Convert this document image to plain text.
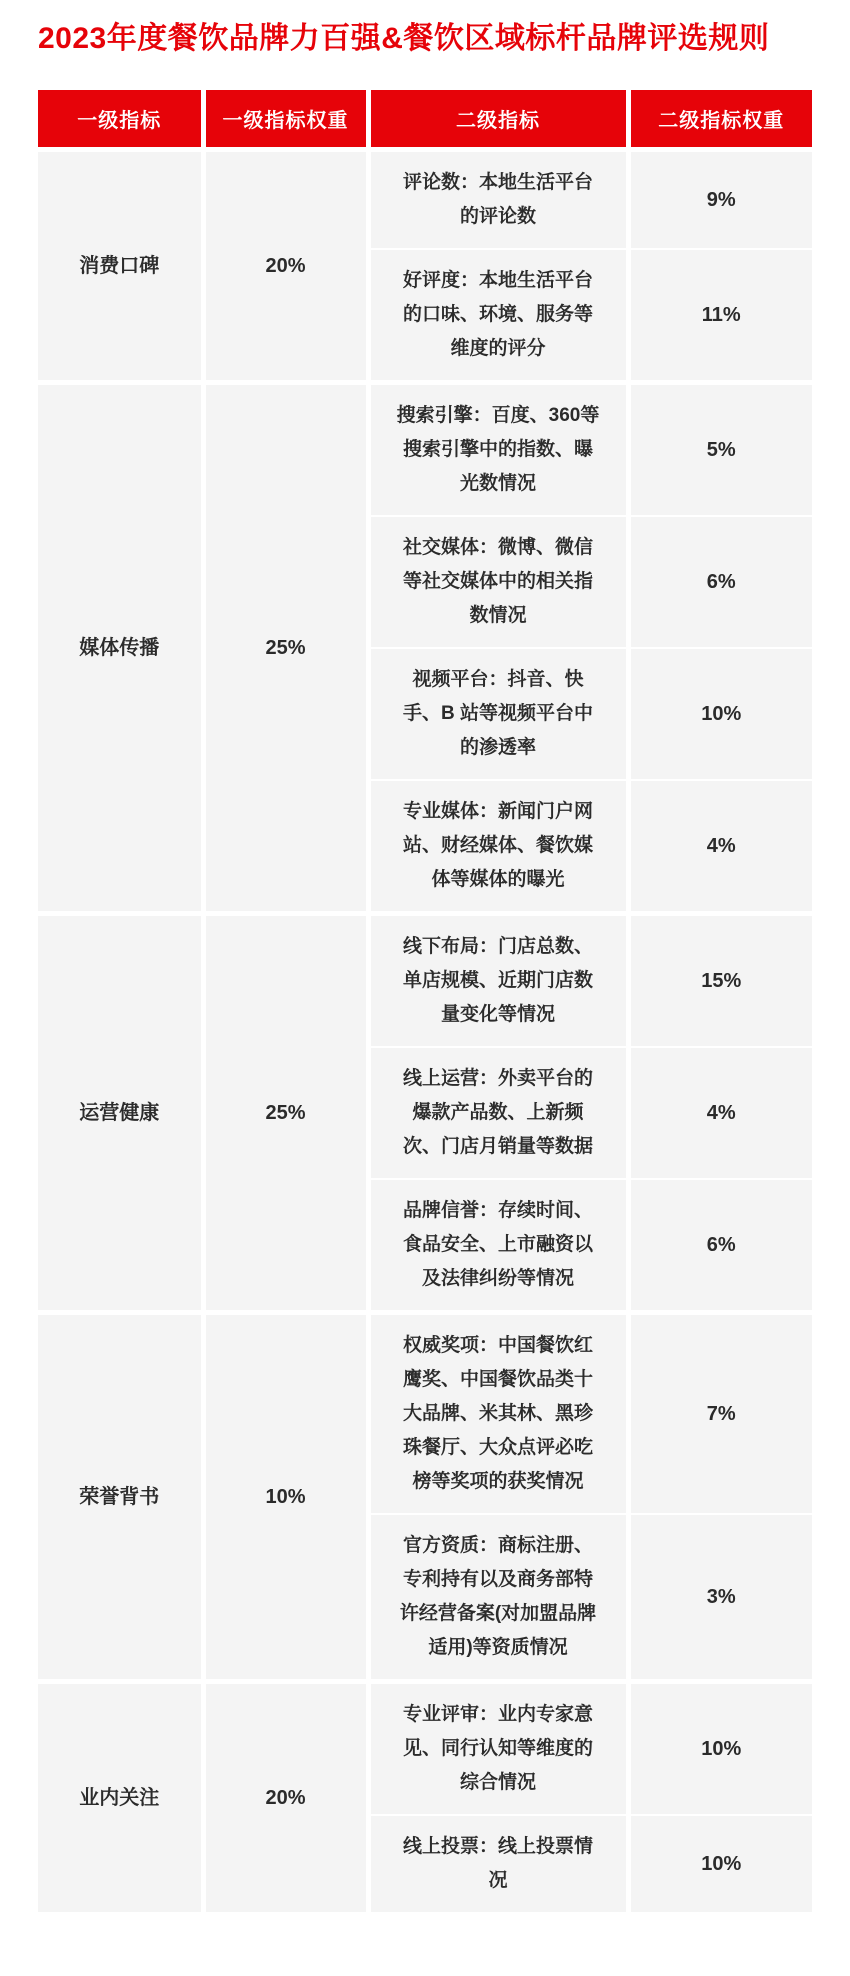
2023年度餐饮品牌力百强&餐饮区域标杆品牌评选规则
一级指标	一级指标权重	二级指标	二级指标权重
消费口碑	20%	评论数：本地生活平台的评论数	9%
		好评度：本地生活平台的口味、环境、服务等维度的评分	11%
媒体传播	25%	搜索引擎：百度、360等搜索引擎中的指数、曝光数情况	5%
		社交媒体：微博、微信等社交媒体中的相关指数情况	6%
		视频平台：抖音、快手、B 站等视频平台中的渗透率	10%
		专业媒体：新闻门户网站、财经媒体、餐饮媒体等媒体的曝光	4%
运营健康	25%	线下布局：门店总数、单店规模、近期门店数量变化等情况	15%
		线上运营：外卖平台的爆款产品数、上新频次、门店月销量等数据	4%
		品牌信誉：存续时间、食品安全、上市融资以及法律纠纷等情况	6%
荣誉背书	10%	权威奖项：中国餐饮红鹰奖、中国餐饮品类十大品牌、米其林、黑珍珠餐厅、大众点评必吃榜等奖项的获奖情况	7%
		官方资质：商标注册、专利持有以及商务部特许经营备案(对加盟品牌适用)等资质情况	3%
业内关注	20%	专业评审：业内专家意见、同行认知等维度的综合情况	10%
		线上投票：线上投票情况	10%
